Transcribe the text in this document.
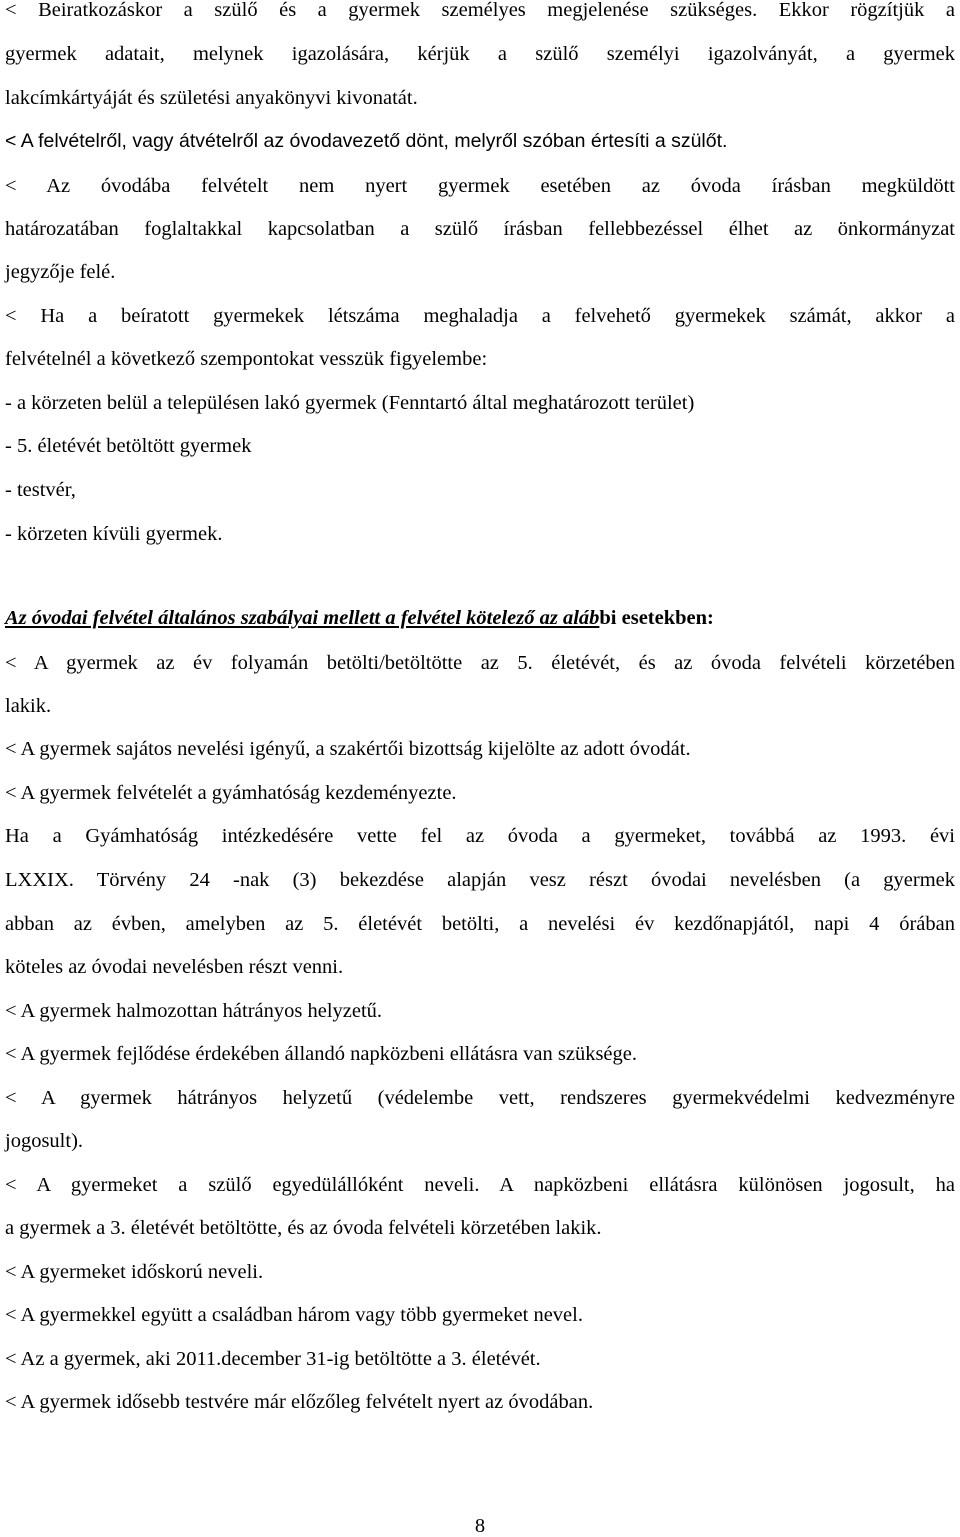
< Beiratkozáskor a szülő és a gyermek személyes megjelenése szükséges. Ekkor rögzítjük a
gyermek adatait, melynek igazolására, kérjük a szülő személyi igazolványát, a gyermek
lakcímkártyáját és születési anyakönyvi kivonatát.
< A felvételről, vagy átvételről az óvodavezető dönt, melyről szóban értesíti a szülőt.
< Az óvodába felvételt nem nyert gyermek esetében az óvoda írásban megküldött
határozatában foglaltakkal kapcsolatban a szülő írásban fellebbezéssel élhet az önkormányzat
jegyzője felé.
< Ha a beíratott gyermekek létszáma meghaladja a felvehető gyermekek számát, akkor a
felvételnél a következő szempontokat vesszük figyelembe:
- a körzeten belül a településen lakó gyermek (Fenntartó által meghatározott terület)
- 5. életévét betöltött gyermek
- testvér,
- körzeten kívüli gyermek.
Az óvodai felvétel általános szabályai mellett a felvétel kötelező az alábbi esetekben:
< A gyermek az év folyamán betölti/betöltötte az 5. életévét, és az óvoda felvételi körzetében
lakik.
< A gyermek sajátos nevelési igényű, a szakértői bizottság kijelölte az adott óvodát.
< A gyermek felvételét a gyámhatóság kezdeményezte.
Ha a Gyámhatóság intézkedésére vette fel az óvoda a gyermeket, továbbá az 1993. évi
LXXIX. Törvény 24 -nak (3) bekezdése alapján vesz részt óvodai nevelésben (a gyermek
abban az évben, amelyben az 5. életévét betölti, a nevelési év kezdőnapjától, napi 4 órában
köteles az óvodai nevelésben részt venni.
< A gyermek halmozottan hátrányos helyzetű.
< A gyermek fejlődése érdekében állandó napközbeni ellátásra van szüksége.
< A gyermek hátrányos helyzetű (védelembe vett, rendszeres gyermekvédelmi kedvezményre
jogosult).
< A gyermeket a szülő egyedülállóként neveli. A napközbeni ellátásra különösen jogosult, ha
a gyermek a 3. életévét betöltötte, és az óvoda felvételi körzetében lakik.
< A gyermeket időskorú neveli.
< A gyermekkel együtt a családban három vagy több gyermeket nevel.
< Az a gyermek, aki 2011.december 31-ig betöltötte a 3. életévét.
< A gyermek idősebb testvére már előzőleg felvételt nyert az óvodában.
8
